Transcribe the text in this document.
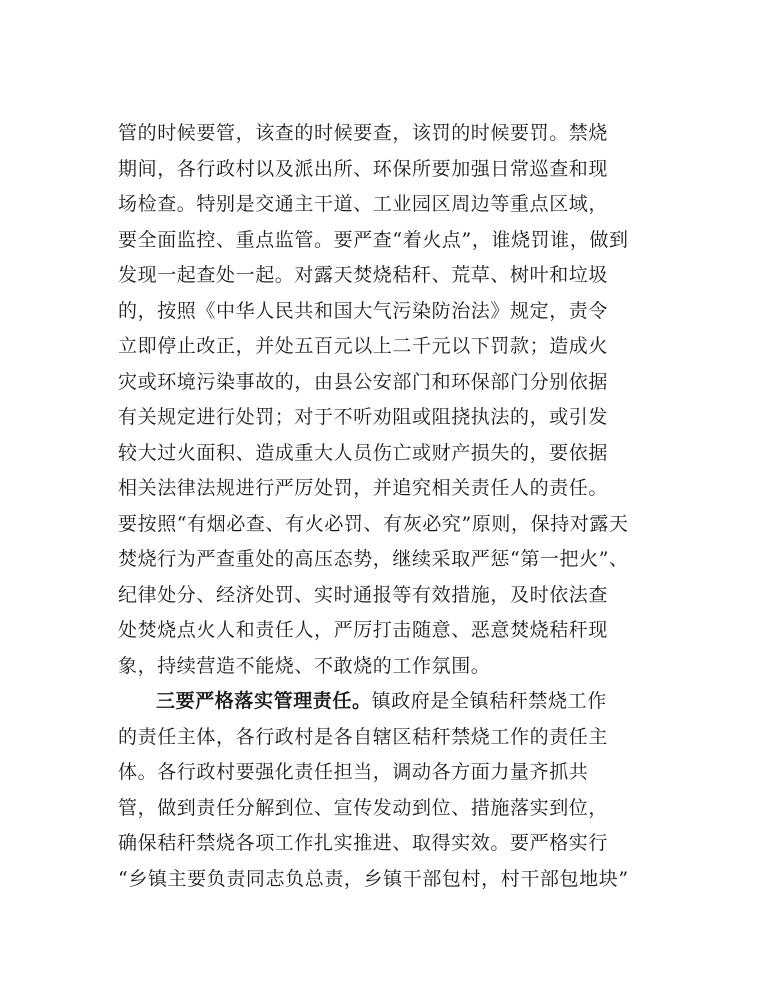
管的时候要管，该查的时候要查，该罚的时候要罚。禁烧
期间，各行政村以及派出所、环保所要加强日常巡查和现
场检查。特别是交通主干道、工业园区周边等重点区域，
要全面监控、重点监管。要严查“着火点”，谁烧罚谁，做到
发现一起查处一起。对露天焚烧秸秆、荒草、树叶和垃圾
的，按照《中华人民共和国大气污染防治法》规定，责令
立即停止改正，并处五百元以上二千元以下罚款；造成火
灾或环境污染事故的，由县公安部门和环保部门分别依据
有关规定进行处罚；对于不听劝阻或阻挠执法的，或引发
较大过火面积、造成重大人员伤亡或财产损失的，要依据
相关法律法规进行严厉处罚，并追究相关责任人的责任。
要按照“有烟必查、有火必罚、有灰必究”原则，保持对露天
焚烧行为严查重处的高压态势，继续采取严惩“第一把火”、
纪律处分、经济处罚、实时通报等有效措施，及时依法查
处焚烧点火人和责任人，严厉打击随意、恶意焚烧秸秆现
象，持续营造不能烧、不敢烧的工作氛围。
三要严格落实管理责任。镇政府是全镇秸秆禁烧工作
的责任主体，各行政村是各自辖区秸秆禁烧工作的责任主
体。各行政村要强化责任担当，调动各方面力量齐抓共
管，做到责任分解到位、宣传发动到位、措施落实到位，
确保秸秆禁烧各项工作扎实推进、取得实效。要严格实行
“乡镇主要负责同志负总责，乡镇干部包村，村干部包地块”
